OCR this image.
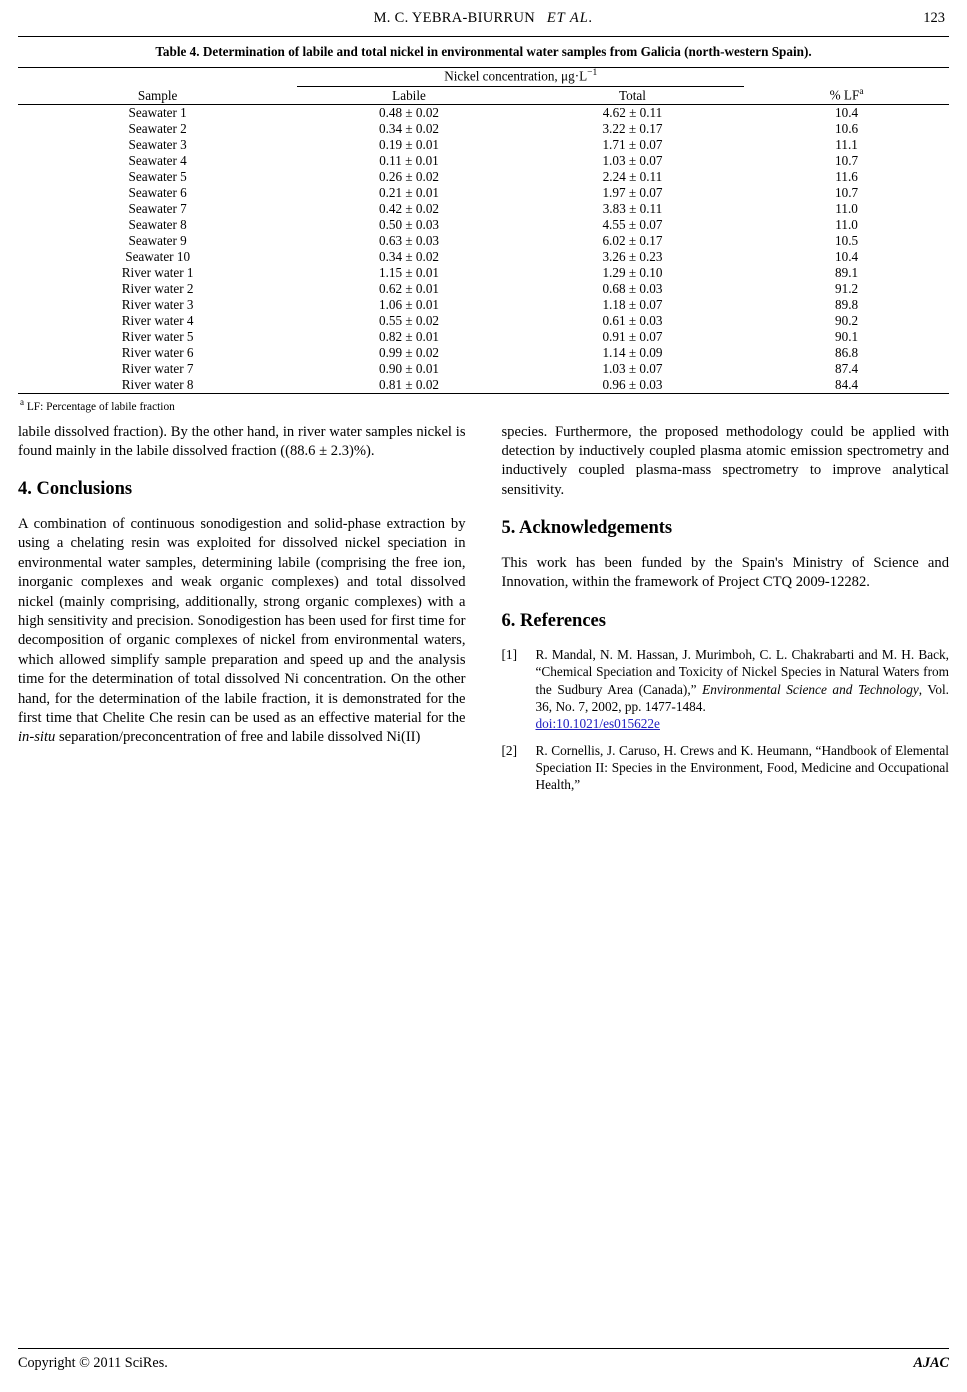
M. C. YEBRA-BIURRUN ET AL.	123
Table 4. Determination of labile and total nickel in environmental water samples from Galicia (north-western Spain).

	Nickel concentration, $\mu g\cdot L^{-1}$

Sample	Labile	Total	% $LF^a$
Seawater 1	0.48 ± 0.02	4.62 ± 0.11	10.4
Seawater 2	0.34 ± 0.02	3.22 ± 0.17	10.6
Seawater 3	0.19 ± 0.01	1.71 ± 0.07	11.1
Seawater 4	0.11 ± 0.01	1.03 ± 0.07	10.7
Seawater 5	0.26 ± 0.02	2.24 ± 0.11	11.6
Seawater 6	0.21 ± 0.01	1.97 ± 0.07	10.7
Seawater 7	0.42 ± 0.02	3.83 ± 0.11	11.0
Seawater 8	0.50 ± 0.03	4.55 ± 0.07	11.0
Seawater 9	0.63 ± 0.03	6.02 ± 0.17	10.5
Seawater 10	0.34 ± 0.02	3.26 ± 0.23	10.4
River water 1	1.15 ± 0.01	1.29 ± 0.10	89.1
River water 2	0.62 ± 0.01	0.68 ± 0.03	91.2
River water 3	1.06 ± 0.01	1.18 ± 0.07	89.8
River water 4	0.55 ± 0.02	0.61 ± 0.03	90.2
River water 5	0.82 ± 0.01	0.91 ± 0.07	90.1
River water 6	0.99 ± 0.02	1.14 ± 0.09	86.8
River water 7	0.90 ± 0.01	1.03 ± 0.07	87.4
River water 8	0.81 ± 0.02	0.96 ± 0.03	84.4
$^a$ LF: Percentage of labile fraction

labile dissolved fraction). By the other hand, in river water samples nickel is found mainly in the labile dissolved fraction ((88.6 ± 2.3)%).

4. Conclusions

A combination of continuous sonodigestion and solid-phase extraction by using a chelating resin was exploited for dissolved nickel speciation in environmental water samples, determining labile (comprising the free ion, inorganic complexes and weak organic complexes) and total dissolved nickel (mainly comprising, additionally, strong organic complexes) with a high sensitivity and precision. Sonodigestion has been used for first time for decomposition of organic complexes of nickel from environmental waters, which allowed simplify sample preparation and speed up and the analysis time for the determination of total dissolved Ni concentration. On the other hand, for the determination of the labile fraction, it is demonstrated for the first time that Chelite Che resin can be used as an effective material for the in-situ separation/preconcentration of free and labile dissolved Ni(II)

species. Furthermore, the proposed methodology could be applied with detection by inductively coupled plasma atomic emission spectrometry and inductively coupled plasma-mass spectrometry to improve analytical sensitivity.

5. Acknowledgements

This work has been funded by the Spain's Ministry of Science and Innovation, within the framework of Project CTQ 2009-12282.

6. References
[1]	R. Mandal, N. M. Hassan, J. Murimboh, C. L. Chakrabarti and M. H. Back, “Chemical Speciation and Toxicity of Nickel Species in Natural Waters from the Sudbury Area (Canada),” Environmental Science and Technology, Vol. 36, No. 7, 2002, pp. 1477-1484.
doi:10.1021/es015622e
[2]	R. Cornellis, J. Caruso, H. Crews and K. Heumann, “Handbook of Elemental Speciation II: Species in the Environment, Food, Medicine and Occupational Health,”
Copyright © 2011 SciRes.	AJAC
